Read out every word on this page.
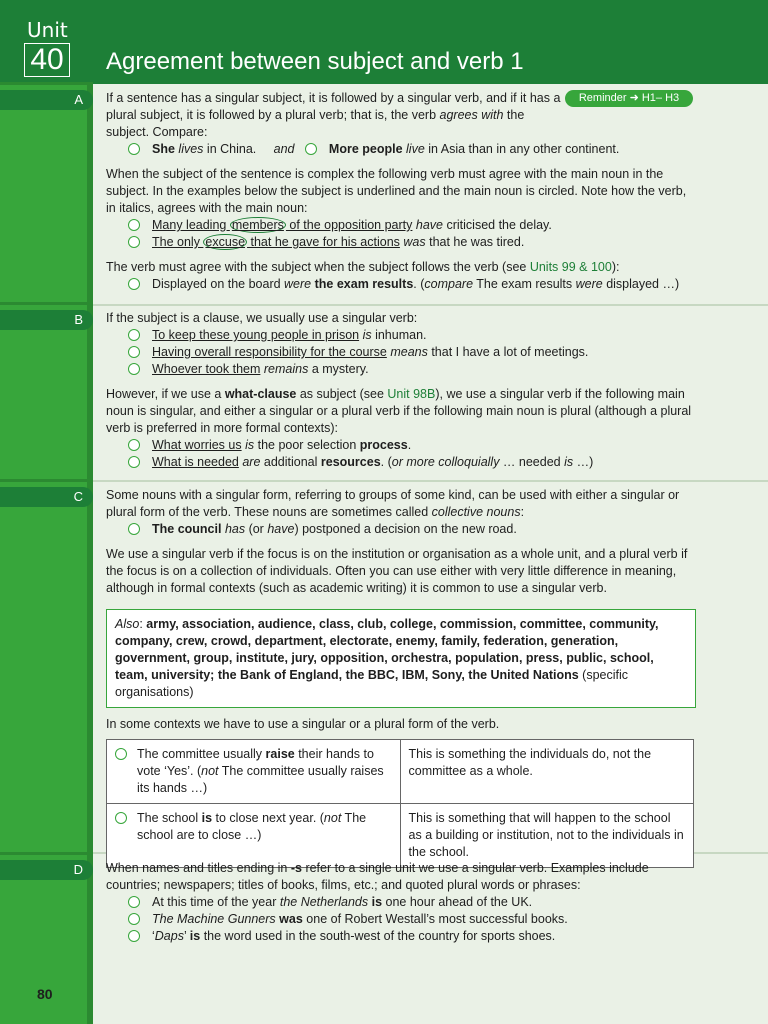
Unit
40 Agreement between subject and verb 1
A
B
C
D
Reminder ➜ H1– H3

If a sentence has a singular subject, it is followed by a singular verb, and if it has a plural subject, it is followed by a plural verb; that is, the verb agrees with the subject. Compare:

She lives in China. and	More people live in Asia than in any other continent.

When the subject of the sentence is complex the following verb must agree with the main noun in the subject. In the examples below the subject is underlined and the main noun is circled. Note how the verb, in italics, agrees with the main noun:

Many leading members of the opposition party have criticised the delay.
The only excuse that he gave for his actions was that he was tired.

The verb must agree with the subject when the subject follows the verb (see Units 99 & 100):

Displayed on the board were the exam results. (compare The exam results were displayed …)

If the subject is a clause, we usually use a singular verb:

To keep these young people in prison is inhuman.
Having overall responsibility for the course means that I have a lot of meetings.
Whoever took them remains a mystery.

However, if we use a what-clause as subject (see Unit 98B), we use a singular verb if the following main noun is singular, and either a singular or a plural verb if the following main noun is plural (although a plural verb is preferred in more formal contexts):

What worries us is the poor selection process.
What is needed are additional resources. (or more colloquially … needed is …)

Some nouns with a singular form, referring to groups of some kind, can be used with either a singular or plural form of the verb. These nouns are sometimes called collective nouns:

The council has (or have) postponed a decision on the new road.

We use a singular verb if the focus is on the institution or organisation as a whole unit, and a plural verb if the focus is on a collection of individuals. Often you can use either with very little difference in meaning, although in formal contexts (such as academic writing) it is common to use a singular verb.

Also: army, association, audience, class, club, college, commission, committee, community, company, crew, crowd, department, electorate, enemy, family, federation, generation, government, group, institute, jury, opposition, orchestra, population, press, public, school, team, university; the Bank of England, the BBC, IBM, Sony, the United Nations (specific organisations)

In some contexts we have to use a singular or a plural form of the verb.

The committee usually raise their hands to vote ‘Yes’. (not The committee usually raises its hands …)	This is something the individuals do, not the committee as a whole.

The school is to close next year. (not The school are to close …)	This is something that will happen to the school as a building or institution, not to the individuals in the school.

When names and titles ending in -s refer to a single unit we use a singular verb. Examples include countries; newspapers; titles of books, films, etc.; and quoted plural words or phrases:

At this time of the year the Netherlands is one hour ahead of the UK.
The Machine Gunners was one of Robert Westall’s most successful books.
‘Daps’ is the word used in the south-west of the country for sports shoes.
80
